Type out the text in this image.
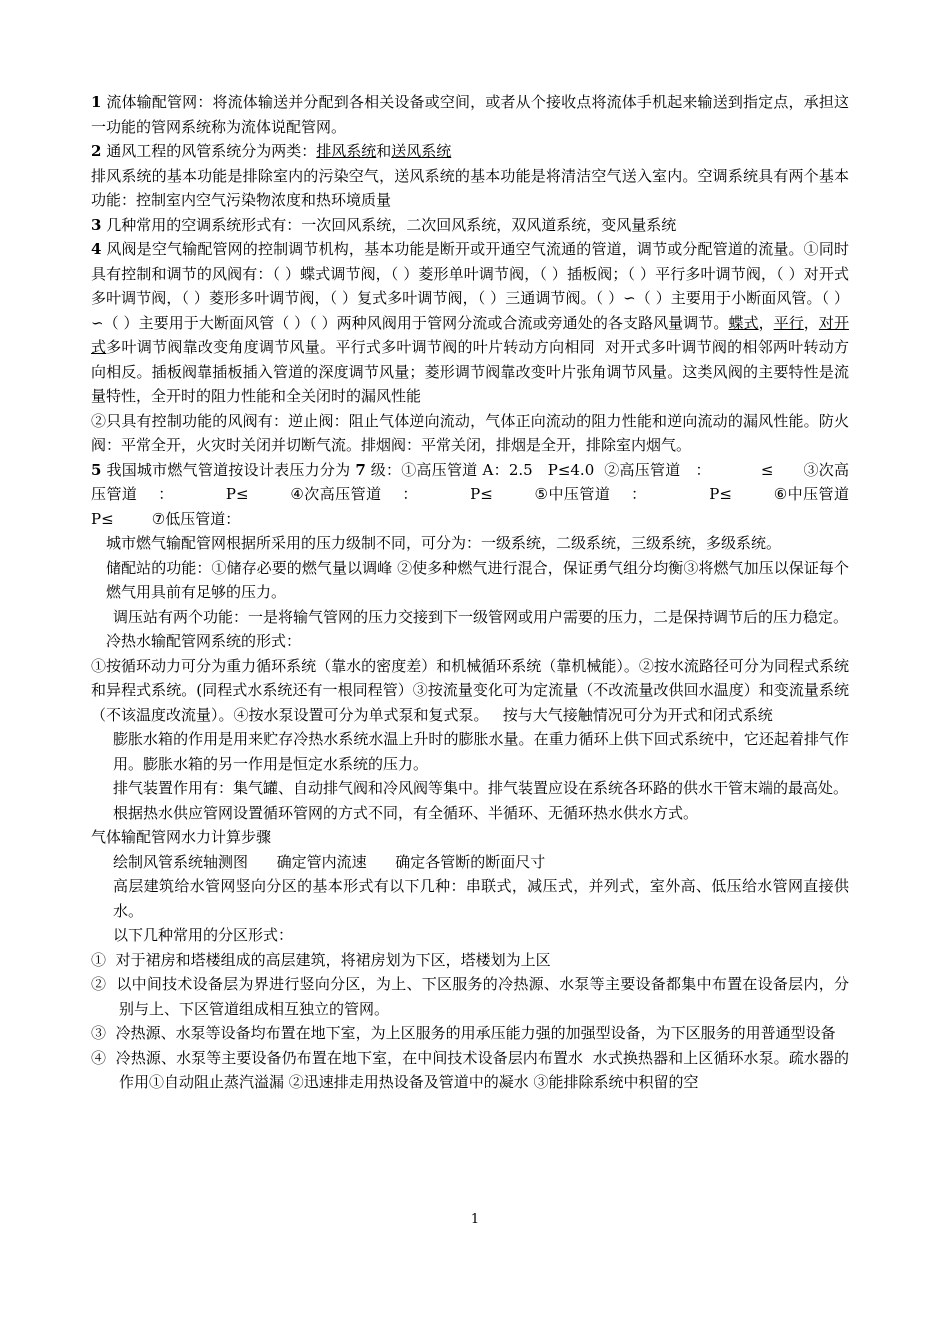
1 流体输配管网：将流体输送并分配到各相关设备或空间，或者从个接收点将流体手机起来输送到指定点，承担这一功能的管网系统称为流体说配管网。

2 通风工程的风管系统分为两类：排风系统和送风系统

排风系统的基本功能是排除室内的污染空气，送风系统的基本功能是将清洁空气送入室内。空调系统具有两个基本功能：控制室内空气污染物浓度和热环境质量

3 几种常用的空调系统形式有：一次回风系统，二次回风系统，双风道系统，变风量系统

4 风阀是空气输配管网的控制调节机构，基本功能是断开或开通空气流通的管道，调节或分配管道的流量。①同时具有控制和调节的风阀有：（ ）蝶式调节阀，（ ）菱形单叶调节阀，（ ）插板阀；（ ）平行多叶调节阀，（ ）对开式多叶调节阀，（ ）菱形多叶调节阀，（ ）复式多叶调节阀，（ ）三通调节阀。（ ）∽（ ）主要用于小断面风管。（ ）∽（ ）主要用于大断面风管（ ）（ ）两种风阀用于管网分流或合流或旁通处的各支路风量调节。蝶式，平行，对开式多叶调节阀靠改变角度调节风量。平行式多叶调节阀的叶片转动方向相同  对开式多叶调节阀的相邻两叶转动方向相反。插板阀靠插板插入管道的深度调节风量；菱形调节阀靠改变叶片张角调节风量。这类风阀的主要特性是流量特性，全开时的阻力性能和全关闭时的漏风性能

②只具有控制功能的风阀有：逆止阀：阻止气体逆向流动，气体正向流动的阻力性能和逆向流动的漏风性能。防火阀：平常全开，火灾时关闭并切断气流。排烟阀：平常关闭，排烟是全开，排除室内烟气。

5 我国城市燃气管道按设计表压力分为 7 级：①高压管道 A：2.5   P≤4.0  ②高压管道   ：          ≤      ③次高压管道    ：          P≤        ④次高压管道    ：          P≤        ⑤中压管道    ：            P≤        ⑥中压管道              P≤        ⑦低压管道：

城市燃气输配管网根据所采用的压力级制不同，可分为：一级系统，二级系统，三级系统，多级系统。

储配站的功能：①储存必要的燃气量以调峰 ②使多种燃气进行混合，保证勇气组分均衡③将燃气加压以保证每个燃气用具前有足够的压力。

调压站有两个功能：一是将输气管网的压力交接到下一级管网或用户需要的压力，二是保持调节后的压力稳定。

冷热水输配管网系统的形式：

①按循环动力可分为重力循环系统（靠水的密度差）和机械循环系统（靠机械能）。②按水流路径可分为同程式系统和异程式系统。(同程式水系统还有一根同程管）③按流量变化可为定流量（不改流量改供回水温度）和变流量系统（不该温度改流量）。④按水泵设置可分为单式泵和复式泵。   按与大气接触情况可分为开式和闭式系统

膨胀水箱的作用是用来贮存冷热水系统水温上升时的膨胀水量。在重力循环上供下回式系统中，它还起着排气作用。膨胀水箱的另一作用是恒定水系统的压力。

排气装置作用有：集气罐、自动排气阀和冷风阀等集中。排气装置应设在系统各环路的供水干管末端的最高处。

根据热水供应管网设置循环管网的方式不同，有全循环、半循环、无循环热水供水方式。

气体输配管网水力计算步骤

绘制风管系统轴测图      确定管内流速      确定各管断的断面尺寸

高层建筑给水管网竖向分区的基本形式有以下几种：串联式，减压式，并列式，室外高、低压给水管网直接供水。

以下几种常用的分区形式：

① 对于裙房和塔楼组成的高层建筑，将裙房划为下区，塔楼划为上区

② 以中间技术设备层为界进行竖向分区，为上、下区服务的冷热源、水泵等主要设备都集中布置在设备层内，分别与上、下区管道组成相互独立的管网。

③ 冷热源、水泵等设备均布置在地下室，为上区服务的用承压能力强的加强型设备，为下区服务的用普通型设备

④ 冷热源、水泵等主要设备仍布置在地下室，在中间技术设备层内布置水  水式换热器和上区循环水泵。疏水器的作用①自动阻止蒸汽溢漏 ②迅速排走用热设备及管道中的凝水 ③能排除系统中积留的空

1
